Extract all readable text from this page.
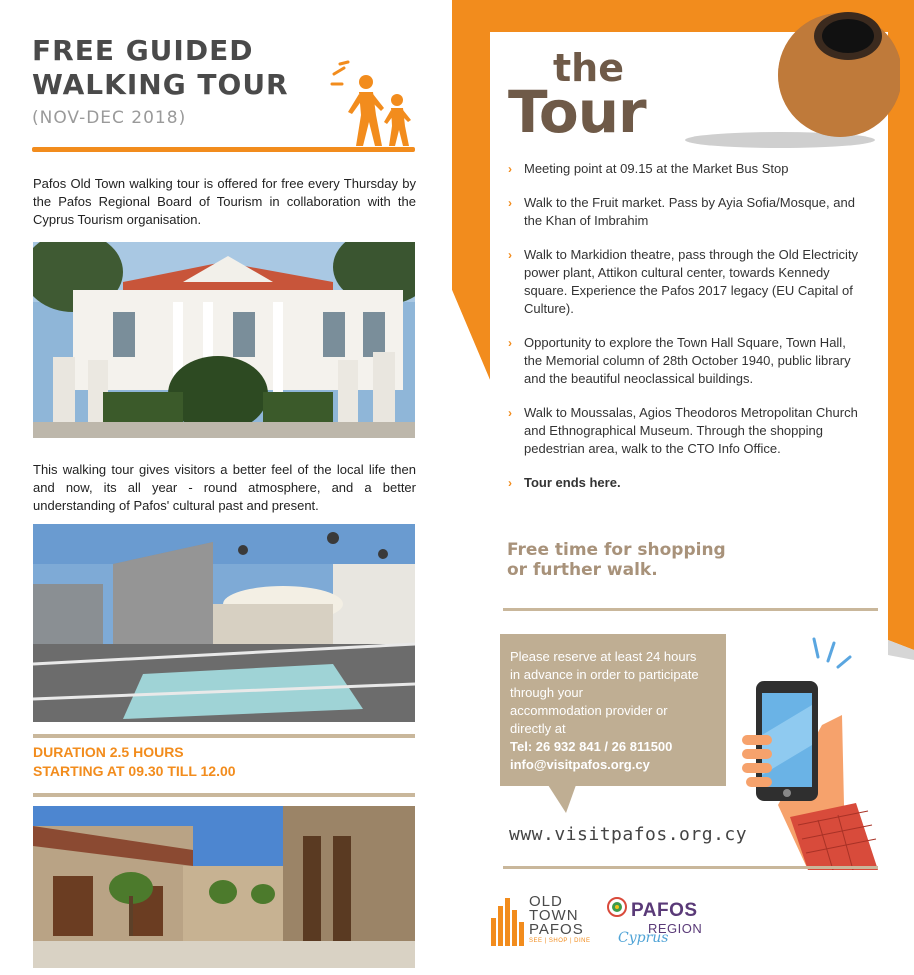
FREE GUIDED
WALKING TOUR
(NOV-DEC 2018)
Pafos Old Town walking tour is offered for free every Thursday by the Pafos Regional Board of Tourism in collaboration with the Cyprus Tourism organisation.
This walking tour gives visitors a better feel of the local life then and now, its all year - round atmosphere, and a better understanding of Pafos' cultural past and present.
DURATION 2.5 HOURS
STARTING AT 09.30 TILL 12.00
the
Tour
› Meeting point at 09.15 at the Market Bus Stop
› Walk to the Fruit market. Pass by Ayia Sofia/Mosque, and the Khan of Imbrahim
› Walk to Markidion theatre, pass through the Old Electricity power plant, Attikon cultural center, towards Kennedy square. Experience the Pafos 2017 legacy (EU Capital of Culture).
› Opportunity to explore the Town Hall Square, Town Hall, the Memorial column of 28th October 1940, public library and the beautiful neoclassical buildings.
› Walk to Moussalas, Agios Theodoros Metropolitan Church and Ethnographical Museum. Through the shopping pedestrian area, walk to the CTO Info Office.
› Tour ends here.
Free time for shopping
or further walk.
Please reserve at least 24 hours
in advance in order to participate
through your
accommodation provider or
directly at
Tel: 26 932 841 / 26 811500
info@visitpafos.org.cy
www.visitpafos.org.cy
OLD
TOWN
PAFOS
SEE | SHOP | DINE
PAFOS
REGION
Cyprus
